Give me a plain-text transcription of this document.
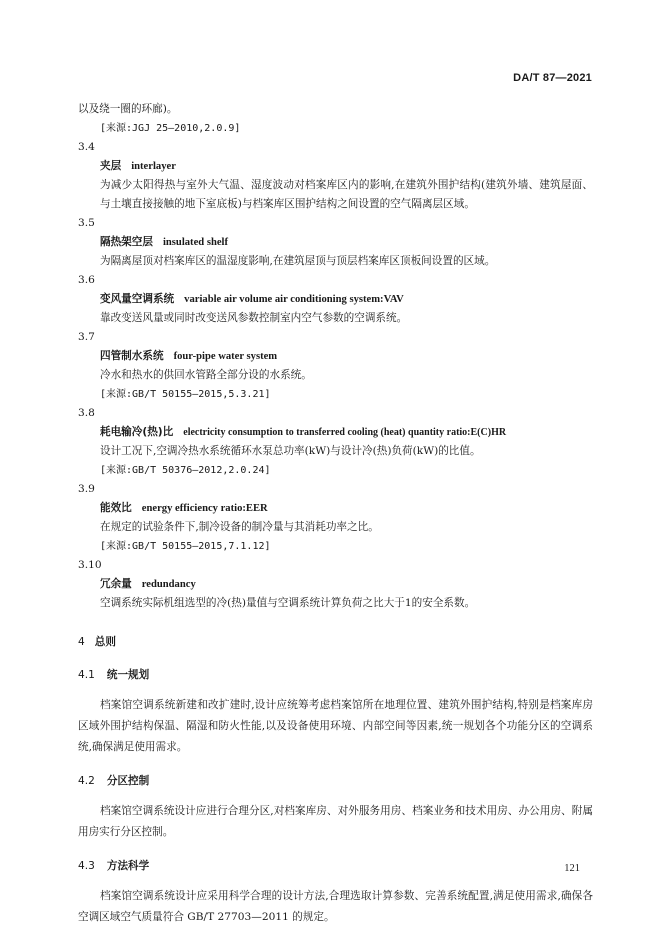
DA/T 87—2021

以及绕一圈的环廊)。

[来源:JGJ 25—2010,2.0.9]

3.4

夹层 interlayer

为减少太阳得热与室外大气温、湿度波动对档案库区内的影响,在建筑外围护结构(建筑外墙、建筑屋面、与土壤直接接触的地下室底板)与档案库区围护结构之间设置的空气隔离层区域。

3.5

隔热架空层 insulated shelf

为隔离屋顶对档案库区的温湿度影响,在建筑屋顶与顶层档案库区顶板间设置的区域。

3.6

变风量空调系统 variable air volume air conditioning system:VAV

靠改变送风量或同时改变送风参数控制室内空气参数的空调系统。

3.7

四管制水系统 four-pipe water system

冷水和热水的供回水管路全部分设的水系统。

[来源:GB/T 50155—2015,5.3.21]

3.8

耗电输冷(热)比 electricity consumption to transferred cooling (heat) quantity ratio:E(C)HR

设计工况下,空调冷热水系统循环水泵总功率(kW)与设计冷(热)负荷(kW)的比值。

[来源:GB/T 50376—2012,2.0.24]

3.9

能效比 energy efficiency ratio:EER

在规定的试验条件下,制冷设备的制冷量与其消耗功率之比。

[来源:GB/T 50155—2015,7.1.12]

3.10

冗余量 redundancy

空调系统实际机组选型的冷(热)量值与空调系统计算负荷之比大于1的安全系数。

4 总则

4.1 统一规划

档案馆空调系统新建和改扩建时,设计应统筹考虑档案馆所在地理位置、建筑外围护结构,特别是档案库房区域外围护结构保温、隔湿和防火性能,以及设备使用环境、内部空间等因素,统一规划各个功能分区的空调系统,确保满足使用需求。

4.2 分区控制

档案馆空调系统设计应进行合理分区,对档案库房、对外服务用房、档案业务和技术用房、办公用房、附属用房实行分区控制。

4.3 方法科学

档案馆空调系统设计应采用科学合理的设计方法,合理选取计算参数、完善系统配置,满足使用需求,确保各空调区域空气质量符合 GB/T 27703—2011 的规定。

121
